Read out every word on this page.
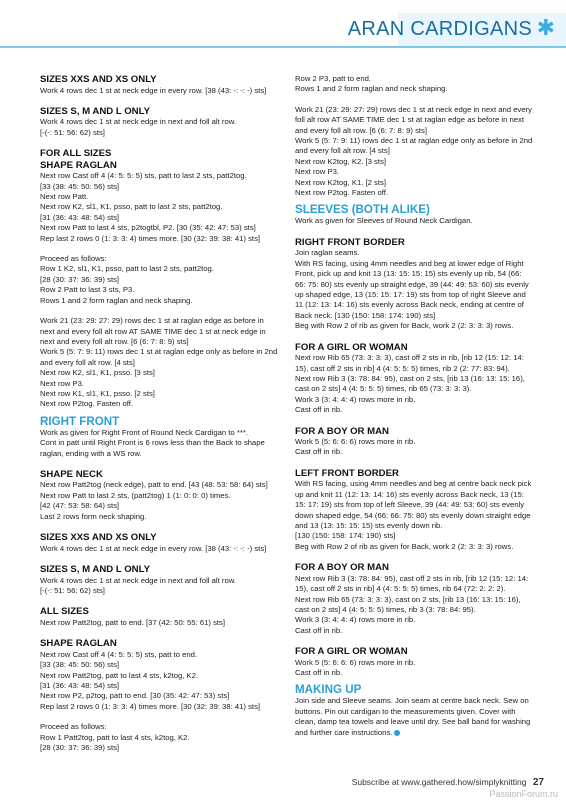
ARAN CARDIGANS ✱
SIZES XXS AND XS ONLY

Work 4 rows dec 1 st at neck edge in every row. [38 (43: -: -: -) sts]

SIZES S, M AND L ONLY

Work 4 rows dec 1 st at neck edge in next and foll alt row.

[-(-: 51: 56: 62) sts]

FOR ALL SIZES
SHAPE RAGLAN

Next row Cast off 4 (4: 5: 5: 5) sts, patt to last 2 sts, patt2tog.

[33 (38: 45: 50: 56) sts]

Next row Patt.

Next row K2, sl1, K1, psso, patt to last 2 sts, patt2tog.

[31 (36: 43: 48: 54) sts]

Next row Patt to last 4 sts, p2togtbl, P2. [30 (35: 42: 47: 53) sts]

Rep last 2 rows 0 (1: 3: 3: 4) times more. [30 (32: 39: 38: 41) sts]

Proceed as follows:

Row 1 K2, sl1, K1, psso, patt to last 2 sts, patt2tog.

[28 (30: 37: 36: 39) sts]

Row 2 Patt to last 3 sts, P3.

Rows 1 and 2 form raglan and neck shaping.

Work 21 (23: 29: 27: 29) rows dec 1 st at raglan edge as before in next and every foll alt row AT SAME TIME dec 1 st at neck edge in next and every foll alt row. [6 (6: 7: 8: 9) sts]

Work 5 (5: 7: 9: 11) rows dec 1 st at raglan edge only as before in 2nd and every foll alt row. [4 sts]

Next row K2, sl1, K1, psso. [3 sts]

Next row P3.

Next row K1, sl1, K1, psso. [2 sts]

Next row P2tog. Fasten off.

RIGHT FRONT

Work as given for Right Front of Round Neck Cardigan to ***.

Cont in patt until Right Front is 6 rows less than the Back to shape raglan, ending with a WS row.

SHAPE NECK

Next row Patt2tog (neck edge), patt to end. [43 (48: 53: 58: 64) sts]

Next row Patt to last 2 sts, (patt2tog) 1 (1: 0: 0: 0) times.

[42 (47: 53: 58: 64) sts]

Last 2 rows form neck shaping.

SIZES XXS AND XS ONLY

Work 4 rows dec 1 st at neck edge in every row. [38 (43: -: -: -) sts]

SIZES S, M AND L ONLY

Work 4 rows dec 1 st at neck edge in next and foll alt row.

[-(-: 51: 56: 62) sts]

ALL SIZES

Next row Patt2tog, patt to end. [37 (42: 50: 55: 61) sts]

SHAPE RAGLAN

Next row Cast off 4 (4: 5: 5: 5) sts, patt to end.

[33 (38: 45: 50: 56) sts]

Next row Patt2tog, patt to last 4 sts, k2tog, K2.

[31 (36: 43: 48: 54) sts]

Next row P2, p2tog, patt to end. [30 (35: 42: 47: 53) sts]

Rep last 2 rows 0 (1: 3: 3: 4) times more. [30 (32: 39: 38: 41) sts]

Proceed as follows:

Row 1 Patt2tog, patt to last 4 sts, k2tog, K2.

[28 (30: 37: 36: 39) sts]

Row 2 P3, patt to end.

Rows 1 and 2 form raglan and neck shaping.

Work 21 (23: 29: 27: 29) rows dec 1 st at neck edge in next and every foll alt row AT SAME TIME dec 1 st at raglan edge as before in next and every foll alt row. [6 (6: 7: 8: 9) sts]

Work 5 (5: 7: 9: 11) rows dec 1 st at raglan edge only as before in 2nd and every foll alt row. [4 sts]

Next row K2tog, K2. [3 sts]

Next row P3.

Next row K2tog, K1. [2 sts]

Next row P2tog. Fasten off.

SLEEVES (BOTH ALIKE)

Work as given for Sleeves of Round Neck Cardigan.

RIGHT FRONT BORDER

Join raglan seams.

With RS facing, using 4mm needles and beg at lower edge of Right Front, pick up and knit 13 (13: 15: 15: 15) sts evenly up rib, 54 (66: 66: 75: 80) sts evenly up straight edge, 39 (44: 49: 53: 60) sts evenly up shaped edge, 13 (15: 15: 17: 19) sts from top of right Sleeve and 11 (12: 13: 14: 16) sts evenly across Back neck, ending at centre of Back neck. [130 (150: 158: 174: 190) sts]

Beg with Row 2 of rib as given for Back, work 2 (2: 3: 3: 3) rows.

FOR A GIRL OR WOMAN

Next row Rib 65 (73: 3: 3: 3), cast off 2 sts in rib, [rib 12 (15: 12: 14: 15), cast off 2 sts in rib] 4 (4: 5: 5: 5) times, rib 2 (2: 77: 83: 94).

Next row Rib 3 (3: 78: 84: 95), cast on 2 sts, [rib 13 (16: 13: 15: 16), cast on 2 sts] 4 (4: 5: 5: 5) times, rib 65 (73: 3: 3: 3).

Work 3 (3: 4: 4: 4) rows more in rib.

Cast off in rib.

FOR A BOY OR MAN

Work 5 (5: 6: 6: 6) rows more in rib.

Cast off in rib.

LEFT FRONT BORDER

With RS facing, using 4mm needles and beg at centre back neck pick up and knit 11 (12: 13: 14: 16) sts evenly across Back neck, 13 (15: 15: 17: 19) sts from top of left Sleeve, 39 (44: 49: 53: 60) sts evenly down shaped edge, 54 (66: 66: 75: 80) sts evenly down straight edge and 13 (13: 15: 15: 15) sts evenly down rib.

[130 (150: 158: 174: 190) sts]

Beg with Row 2 of rib as given for Back, work 2 (2: 3: 3: 3) rows.

FOR A BOY OR MAN

Next row Rib 3 (3: 78: 84: 95), cast off 2 sts in rib, [rib 12 (15: 12: 14: 15), cast off 2 sts in rib] 4 (4: 5: 5: 5) times, rib 64 (72: 2: 2: 2).

Next row Rib 65 (73: 3: 3: 3), cast on 2 sts, [rib 13 (16: 13: 15: 16), cast on 2 sts] 4 (4: 5: 5: 5) times, rib 3 (3: 78: 84: 95).

Work 3 (3: 4: 4: 4) rows more in rib.

Cast off in rib.

FOR A GIRL OR WOMAN

Work 5 (5: 6: 6: 6) rows more in rib.

Cast off in rib.

MAKING UP

Join side and Sleeve seams. Join seam at centre back neck. Sew on buttons. Pin out cardigan to the measurements given. Cover with clean, damp tea towels and leave until dry. See ball band for washing and further care instructions.

Subscribe at www.gathered.how/simplyknitting 27
PassionForum.ru
